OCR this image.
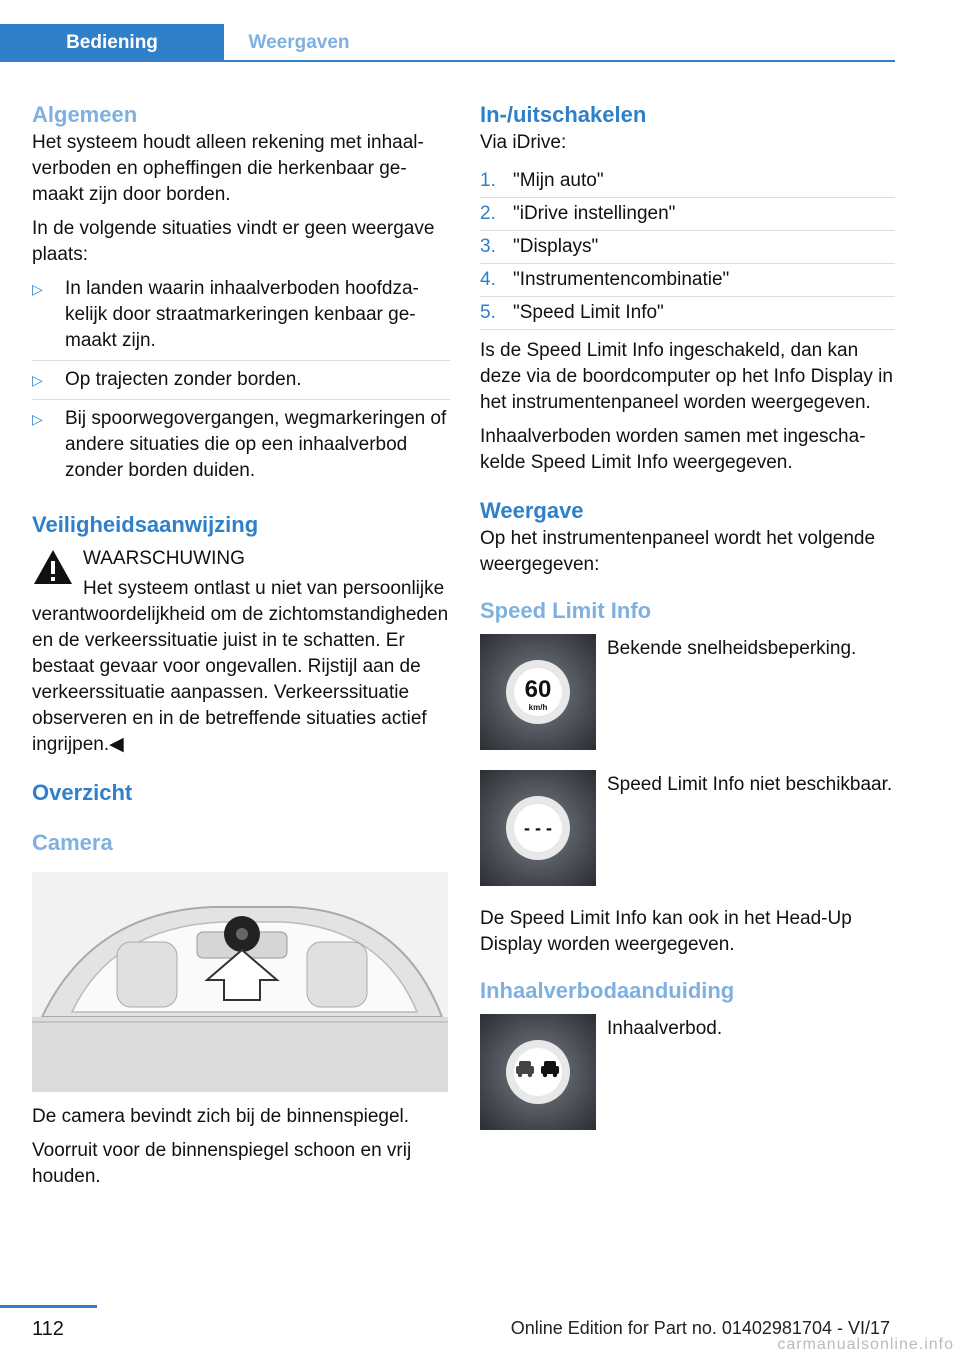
Bediening	Weergaven
Algemeen

Het systeem houdt alleen rekening met inhaalverboden en opheffingen die herkenbaar gemaakt zijn door borden.

In de volgende situaties vindt er geen weergave plaats:

▷ In landen waarin inhaalverboden hoofdzakelijk door straatmarkeringen kenbaar gemaakt zijn.
▷ Op trajecten zonder borden.
▷ Bij spoorwegovergangen, wegmarkeringen of andere situaties die op een inhaalverbod zonder borden duiden.
Veiligheidsaanwijzing

WAARSCHUWING

Het systeem ontlast u niet van persoonlijke verantwoordelijkheid om de zichtomstandigheden en de verkeerssituatie juist in te schatten. Er bestaat gevaar voor ongevallen. Rijstijl aan de verkeerssituatie aanpassen. Verkeerssituatie observeren en in de betreffende situaties actief ingrijpen.◀

Overzicht
Camera

De camera bevindt zich bij de binnenspiegel.

Voorruit voor de binnenspiegel schoon en vrij houden.

In-/uitschakelen

Via iDrive:

1. "Mijn auto"
2. "iDrive instellingen"
3. "Displays"
4. "Instrumentencombinatie"
5. "Speed Limit Info"

Is de Speed Limit Info ingeschakeld, dan kan deze via de boordcomputer op het Info Display in het instrumentenpaneel worden weergegeven.

Inhaalverboden worden samen met ingeschakelde Speed Limit Info weergegeven.

Weergave

Op het instrumentenpaneel wordt het volgende weergegeven:

Speed Limit Info
60
km/h
Bekende snelheidsbeperking.
- - -
Speed Limit Info niet beschikbaar.

De Speed Limit Info kan ook in het Head-Up Display worden weergegeven.

Inhaalverbodaanduiding
Inhaalverbod.
112	Online Edition for Part no. 01402981704 - VI/17
carmanualsonline.info
